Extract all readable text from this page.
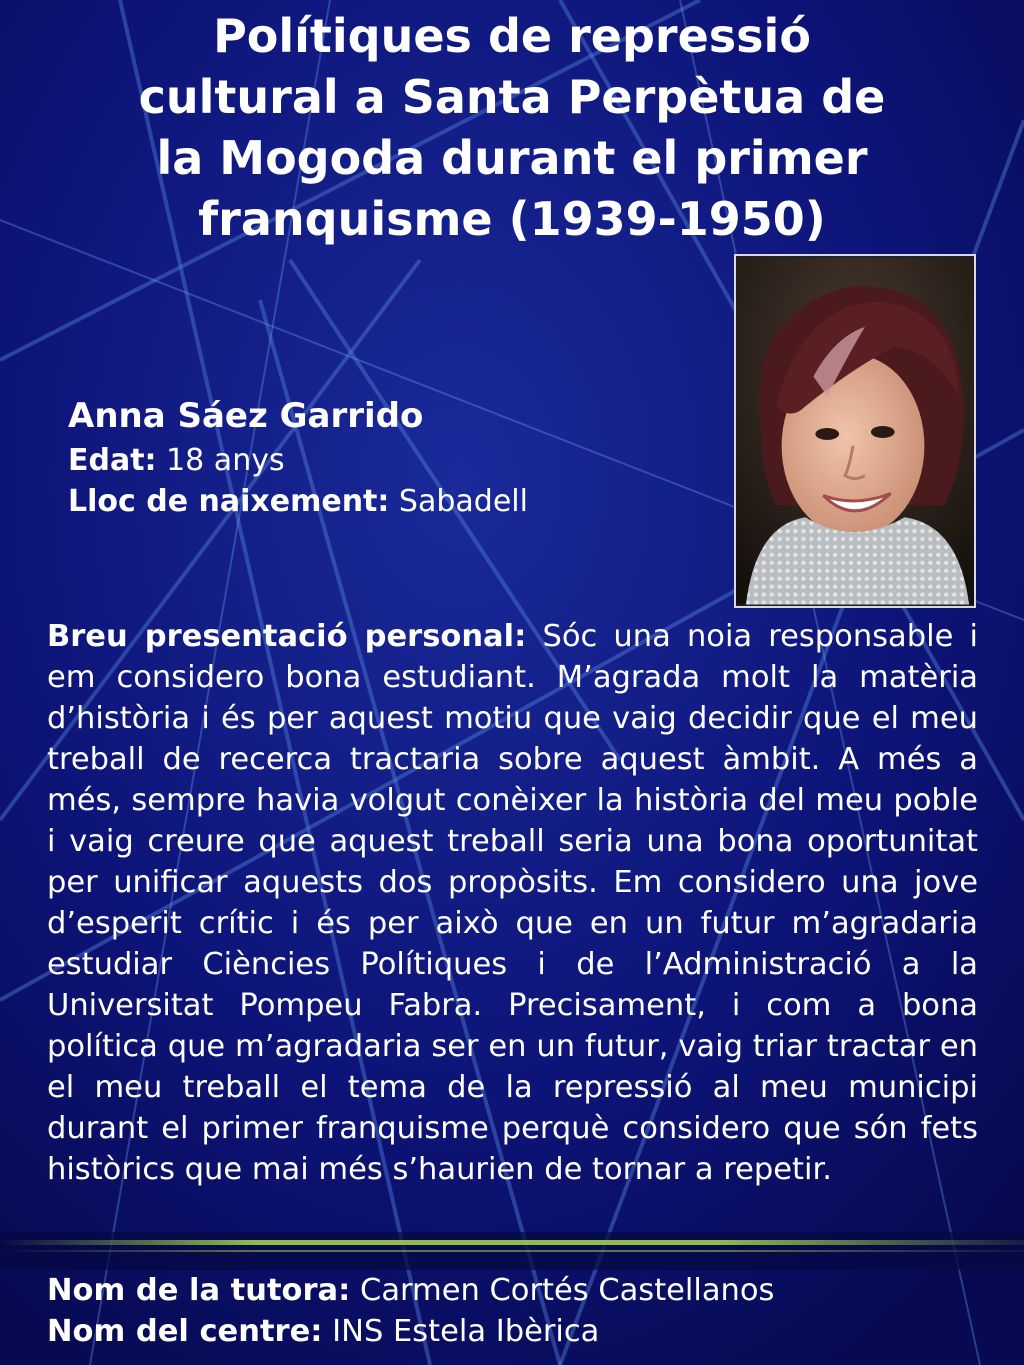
Polítiques de repressió
cultural a Santa Perpètua de
la Mogoda durant el primer
franquisme (1939-1950)
Anna Sáez Garrido
Edat: 18 anys
Lloc de naixement: Sabadell

Breu presentació personal: Sóc una noia responsable i em considero bona estudiant. M’agrada molt la matèria d’història i és per aquest motiu que vaig decidir que el meu treball de recerca tractaria sobre aquest àmbit. A més a més, sempre havia volgut conèixer la història del meu poble i vaig creure que aquest treball seria una bona oportunitat per unificar aquests dos propòsits. Em considero una jove d’esperit crític i és per això que en un futur m’agradaria estudiar Ciències Polítiques i de l’Administració a la Universitat Pompeu Fabra. Precisament, i com a bona política que m’agradaria ser en un futur, vaig triar tractar en el meu treball el tema de la repressió al meu municipi durant el primer franquisme perquè considero que són fets històrics que mai més s’haurien de tornar a repetir.

Nom de la tutora: Carmen Cortés Castellanos
Nom del centre: INS Estela Ibèrica
